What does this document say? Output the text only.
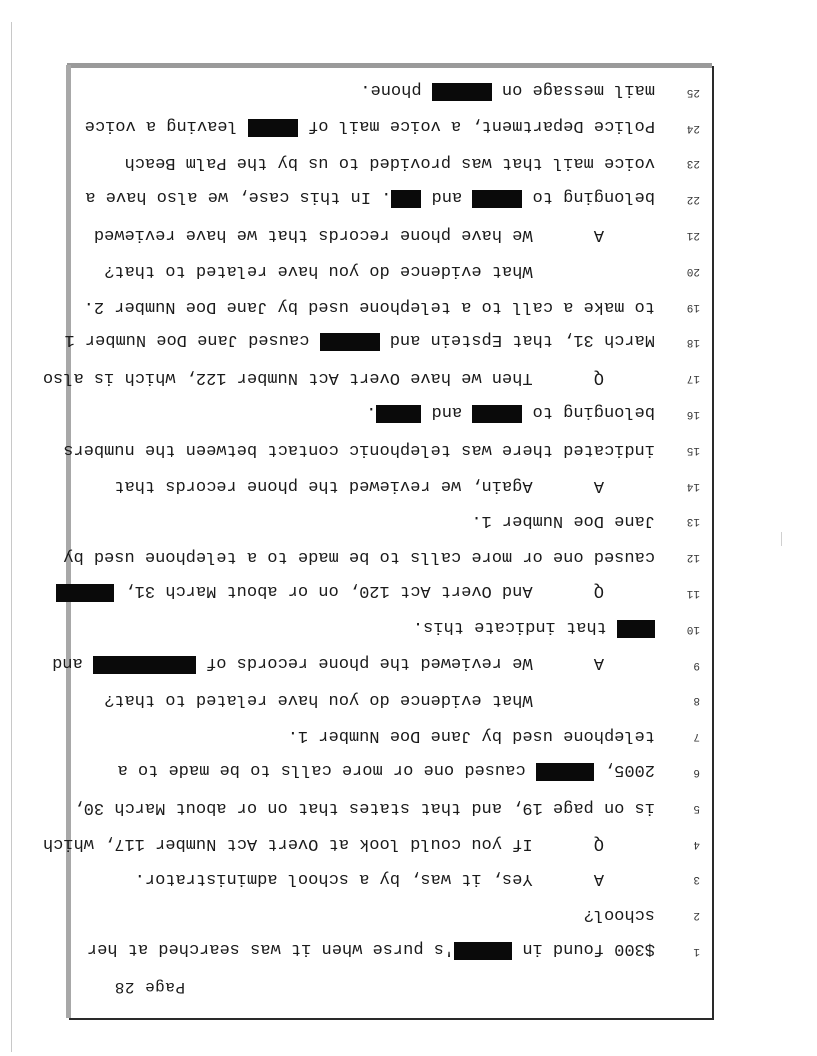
Page 28
1
$300 found in 's purse when it was searched at her
2
school?
3
A      Yes, it was, by a school administrator.
4
Q      If you could look at Overt Act Number 117, which
5
is on page 19, and that states that on or about March 30,
6
2005,  caused one or more calls to be made to a
7
telephone used by Jane Doe Number 1.
8
What evidence do you have related to that?
9
A      We reviewed the phone records of  and
10
that indicate this.
11
Q      And Overt Act 120, on or about March 31,
12
caused one or more calls to be made to a telephone used by
13
Jane Doe Number 1.
14
A      Again, we reviewed the phone records that
15
indicated there was telephonic contact between the numbers
16
belonging to  and .
17
Q      Then we have Overt Act Number 122, which is also
18
March 31, that Epstein and  caused Jane Doe Number 1
19
to make a call to a telephone used by Jane Doe Number 2.
20
What evidence do you have related to that?
21
A      We have phone records that we have reviewed
22
belonging to  and . In this case, we also have a
23
voice mail that was provided to us by the Palm Beach
24
Police Department, a voice mail of  leaving a voice
25
mail message on  phone.
